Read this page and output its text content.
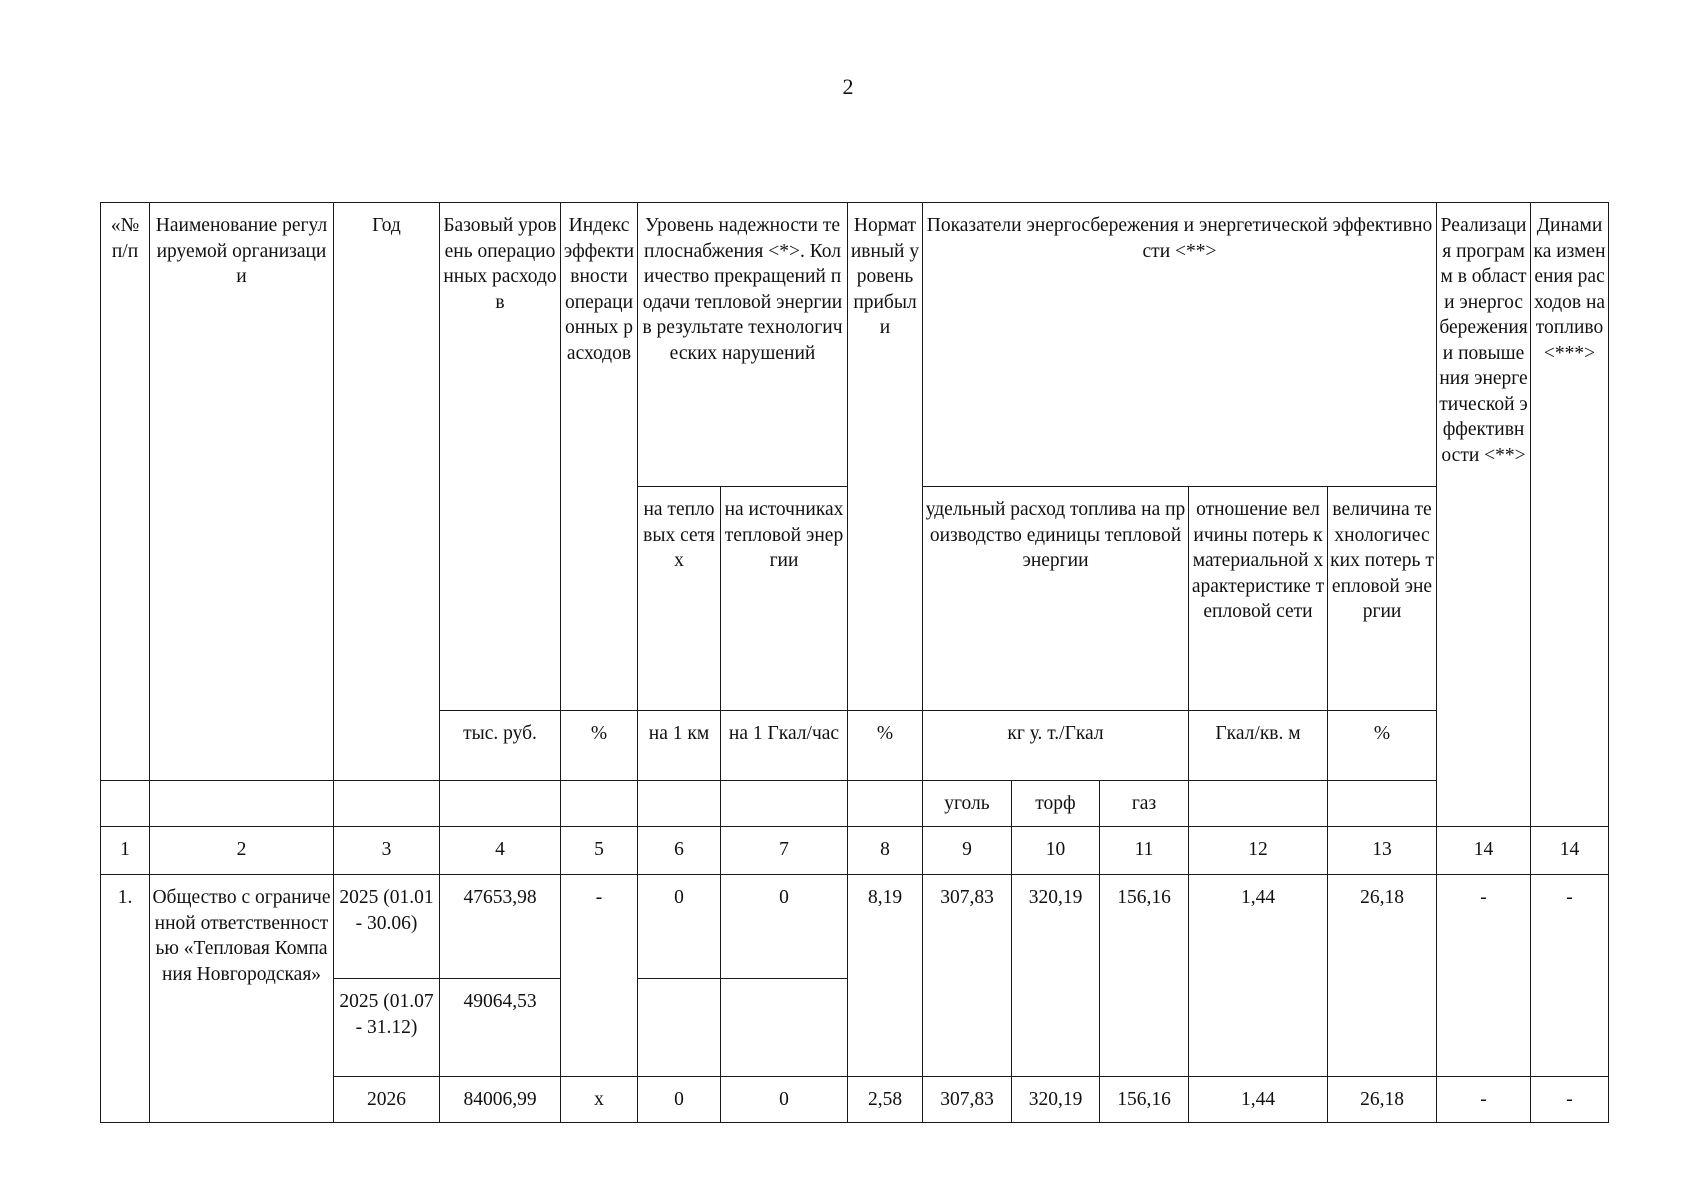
2
«№ п/п	Наименование регулируемой организации	Год	Базовый уровень операционных расходов	Индекс эффективности операционных расходов	Уровень надежности теплоснабжения <*>. Количество прекращений подачи тепловой энергии в результате технологических нарушений		Нормативный уровень прибыли	Показатели энергосбережения и энергетической эффективности <**>					Реализация программ в области энергосбережения и повышения энергетической эффективности <**>	Динамика изменения расходов на топливо <***>
					на тепловых сетях	на источниках тепловой энергии		удельный расход топлива на производство единицы тепловой энергии			отношение величины потерь к материальной характеристике тепловой сети	величина технологических потерь тепловой энергии		
			тыс. руб.	%	на 1 км	на 1 Гкал/час	%	кг у. т./Гкал			Гкал/кв. м	%		
								уголь	торф	газ				
1	2	3	4	5	6	7	8	9	10	11	12	13	14	14
1.	Общество с ограниченной ответственностью «Тепловая Компания Новгородская»	2025 (01.01 - 30.06)	47653,98	-	0	0	8,19	307,83	320,19	156,16	1,44	26,18	-	-
		2025 (01.07 - 31.12)	49064,53											
		2026	84006,99	x	0	0	2,58	307,83	320,19	156,16	1,44	26,18	-	-
